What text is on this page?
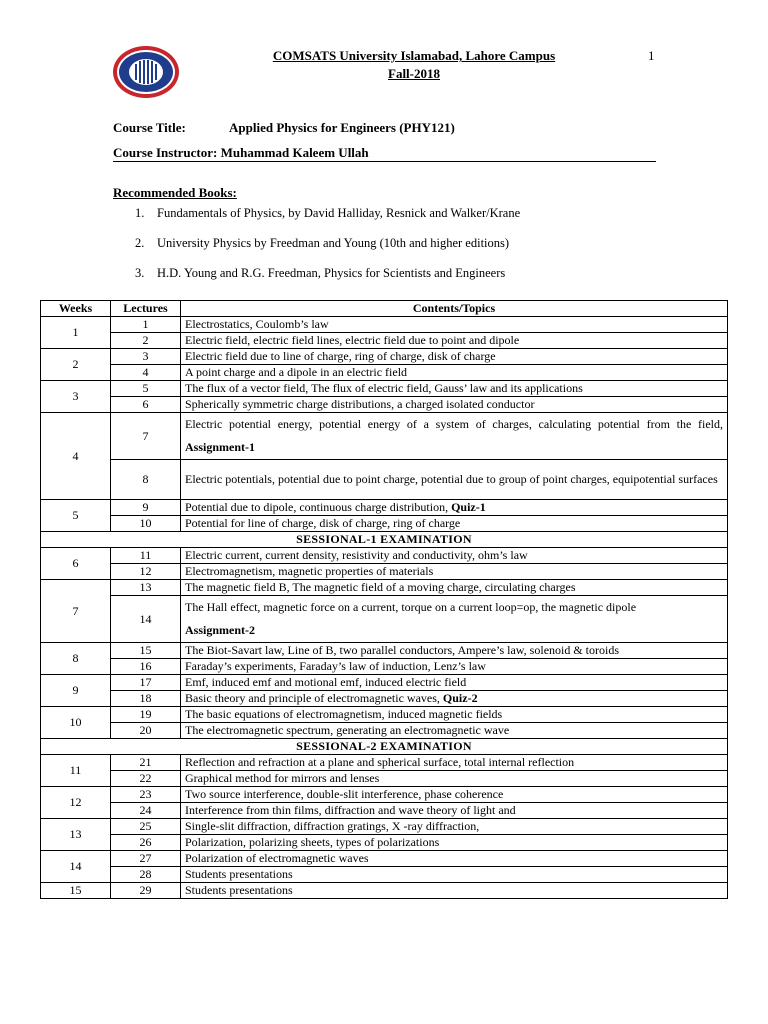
COMSATS University Islamabad, Lahore Campus
Fall-2018
1
Course Title:	Applied Physics for Engineers (PHY121)
Course Instructor: Muhammad Kaleem Ullah
Recommended Books:
1. Fundamentals of Physics, by David Halliday, Resnick and Walker/Krane
2. University Physics by Freedman and Young (10th and higher editions)
3. H.D. Young and R.G. Freedman, Physics for Scientists and Engineers
Weeks	Lectures	Contents/Topics
1	1	Electrostatics, Coulomb’s law
	2	Electric field, electric field lines, electric field due to point and dipole
2	3	Electric field due to line of charge, ring of charge, disk of charge
	4	A point charge and a dipole in an electric field
3	5	The flux of a vector field, The flux of electric field, Gauss’ law and its applications
	6	Spherically symmetric charge distributions, a charged isolated conductor
4	7	Electric potential energy, potential energy of a system of charges, calculating potential from the field, Assignment-1
	8	Electric potentials, potential due to point charge, potential due to group of point charges, equipotential surfaces
5	9	Potential due to dipole, continuous charge distribution, Quiz-1
	10	Potential for line of charge, disk of charge, ring of charge
SESSIONAL-1 EXAMINATION		
6	11	Electric current, current density, resistivity and conductivity, ohm’s law
	12	Electromagnetism, magnetic properties of materials
7	13	The magnetic field B, The magnetic field of a moving charge, circulating charges
	14	The Hall effect, magnetic force on a current, torque on a current loop=op, the magnetic dipole
Assignment-2
8	15	The Biot-Savart law, Line of B, two parallel conductors, Ampere’s law, solenoid & toroids
	16	Faraday’s experiments, Faraday’s law of induction, Lenz’s law
9	17	Emf, induced emf and motional emf, induced electric field
	18	Basic theory and principle of electromagnetic waves, Quiz-2
10	19	The basic equations of electromagnetism, induced magnetic fields
	20	The electromagnetic spectrum, generating an electromagnetic wave
SESSIONAL-2 EXAMINATION		
11	21	Reflection and refraction at a plane and spherical surface, total internal reflection
	22	Graphical method for mirrors and lenses
12	23	Two source interference, double-slit interference, phase coherence
	24	Interference from thin films, diffraction and wave theory of light and
13	25	Single-slit diffraction, diffraction gratings, X -ray diffraction,
	26	Polarization, polarizing sheets, types of polarizations
14	27	Polarization of electromagnetic waves
	28	Students presentations
15	29	Students presentations
